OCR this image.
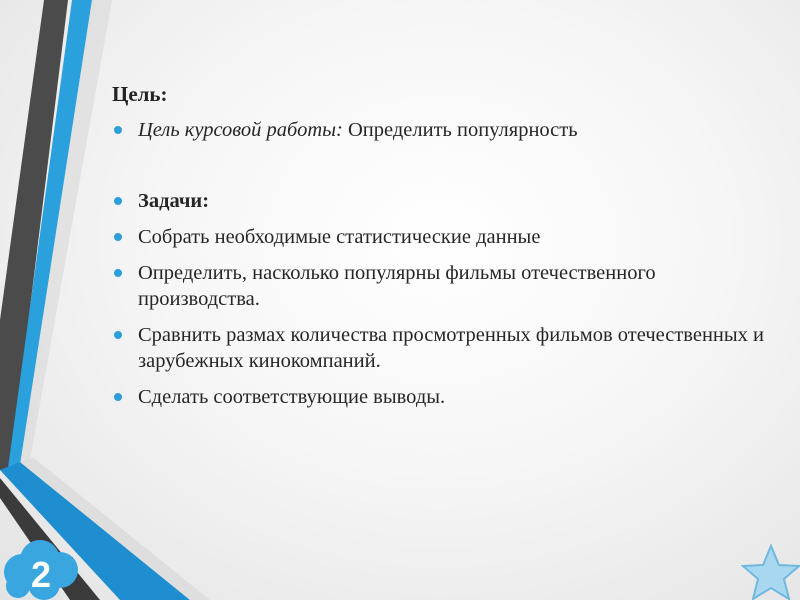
2
Цель:
Цель курсовой работы: Определить популярность
Задачи:
Собрать необходимые статистические данные
Определить, насколько популярны фильмы отечественного производства.
Сравнить размах количества просмотренных фильмов отечественных и зарубежных кинокомпаний.
Сделать соответствующие выводы.
